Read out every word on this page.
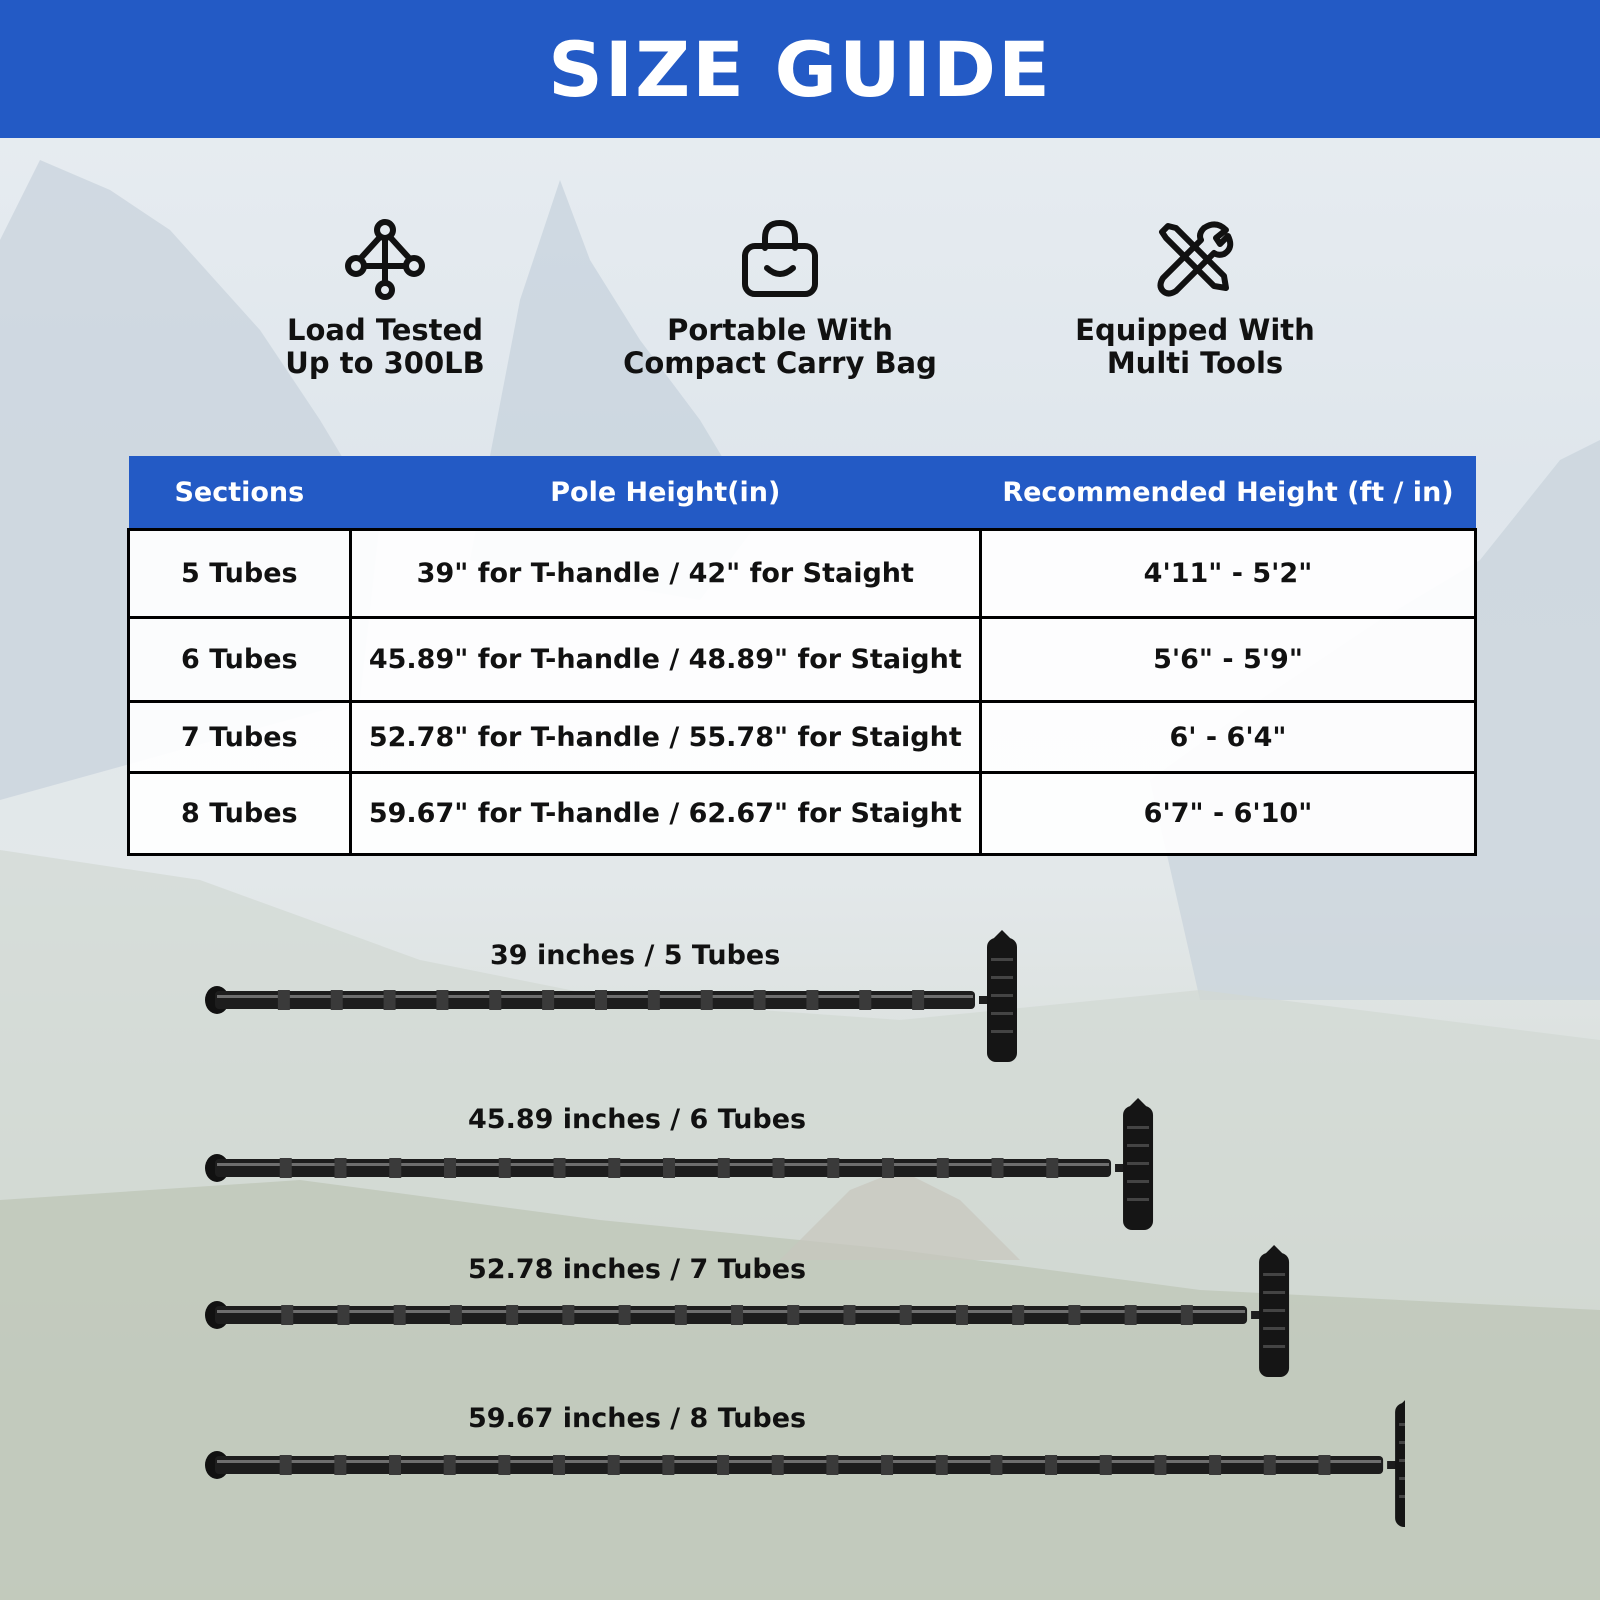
SIZE GUIDE
Load Tested
Up to 300LB
Portable With
Compact Carry Bag
Equipped With
Multi Tools
Sections	Pole Height(in)	Recommended Height (ft / in)
5 Tubes	39" for T-handle / 42" for Staight	4'11" - 5'2"
6 Tubes	45.89" for T-handle / 48.89" for Staight	5'6" - 5'9"
7 Tubes	52.78" for T-handle / 55.78" for Staight	6' - 6'4"
8 Tubes	59.67" for T-handle / 62.67" for Staight	6'7" - 6'10"
39 inches / 5 Tubes
45.89 inches / 6 Tubes
52.78 inches / 7 Tubes
59.67 inches / 8 Tubes
